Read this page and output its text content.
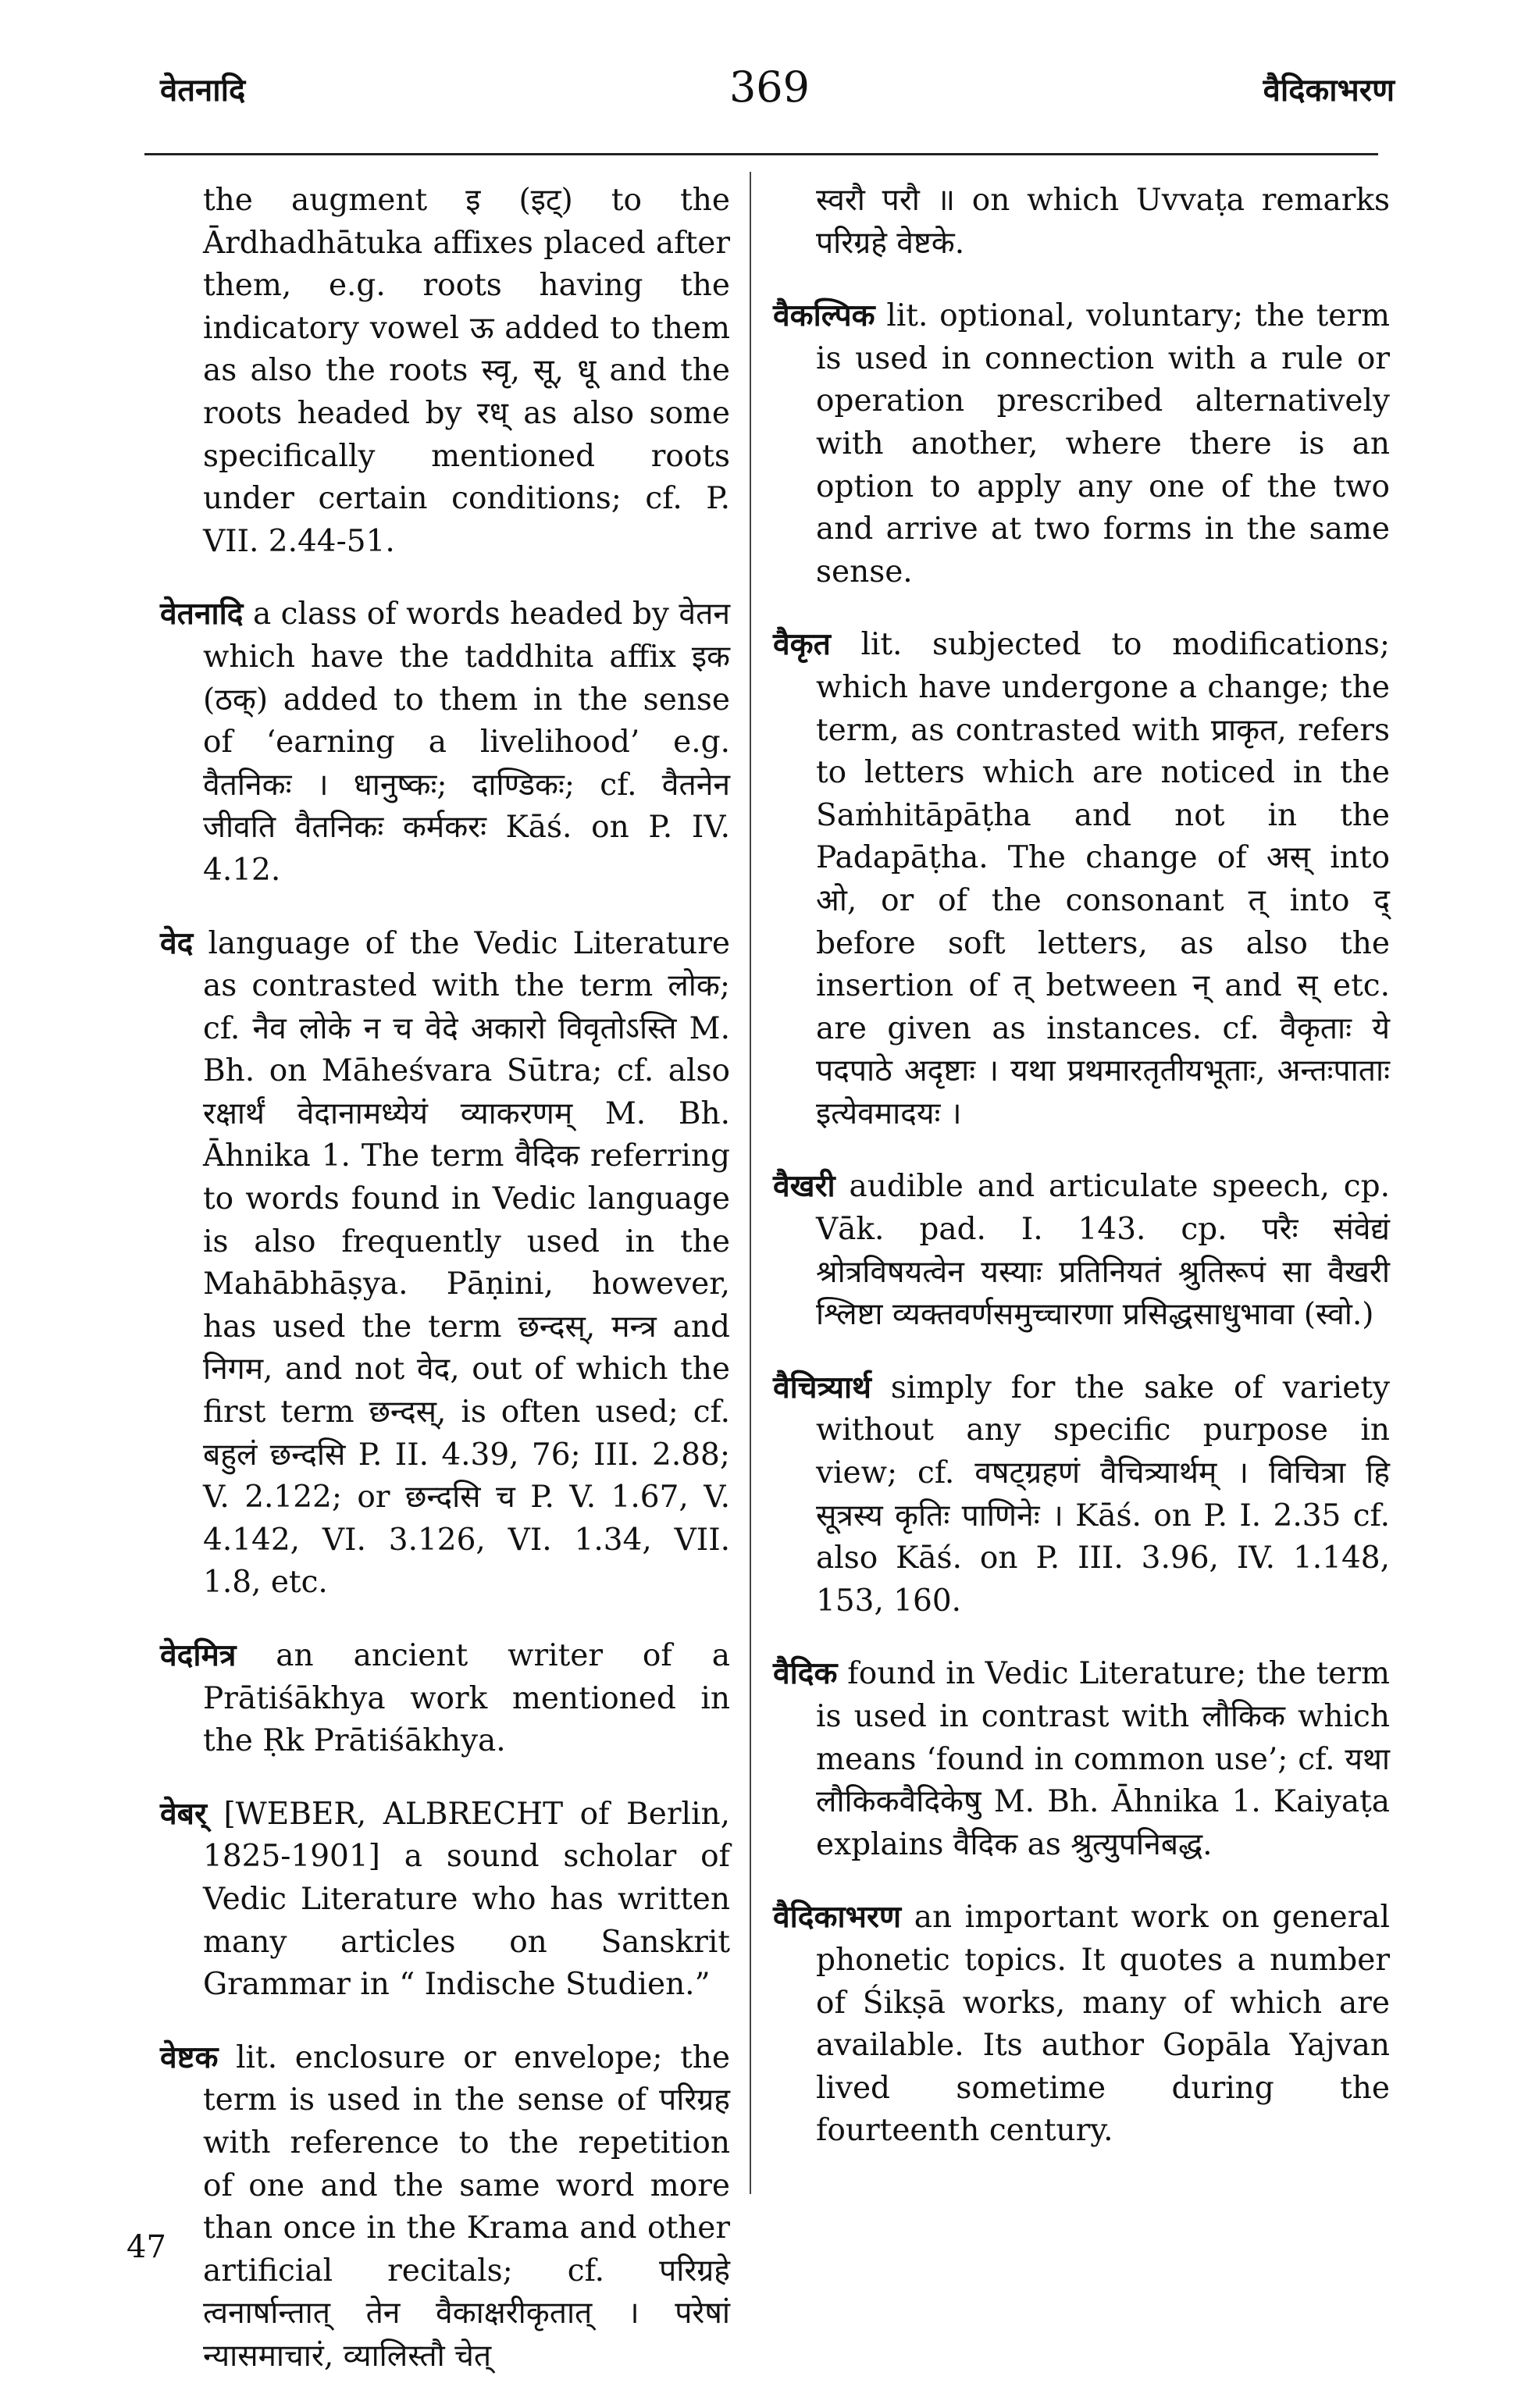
वेतनादि	369	वैदिकाभरण

the augment इ (इट्) to the Ārdhadhātuka affixes placed after them, e.g. roots having the indicatory vowel ऊ added to them as also the roots स्वृ, सू, धू and the roots headed by रध् as also some specifically mentioned roots under certain conditions; cf. P. VII. 2.44-51.

वेतनादि a class of words headed by वेतन which have the taddhita affix इक (ठक्) added to them in the sense of ‘earning a livelihood’ e.g. वैतनिकः । धानुष्कः; दाण्डिकः; cf. वैतनेन जीवति वैतनिकः कर्मकरः Kāś. on P. IV. 4.12.

वेद language of the Vedic Literature as contrasted with the term लोक; cf. नैव लोके न च वेदे अकारो विवृतोऽस्ति M. Bh. on Māheśvara Sūtra; cf. also रक्षार्थं वेदानामध्येयं व्याकरणम् M. Bh. Āhnika 1. The term वैदिक referring to words found in Vedic language is also frequently used in the Mahābhāṣya. Pāṇini, however, has used the term छन्दस्, मन्त्र and निगम, and not वेद, out of which the first term छन्दस्, is often used; cf. बहुलं छन्दसि P. II. 4.39, 76; III. 2.88; V. 2.122; or छन्दसि च P. V. 1.67, V. 4.142, VI. 3.126, VI. 1.34, VII. 1.8, etc.

वेदमित्र an ancient writer of a Prātiśākhya work mentioned in the Ṛk Prātiśākhya.

वेबर् [WEBER, ALBRECHT of Berlin, 1825-1901] a sound scholar of Vedic Literature who has written many articles on Sanskrit Grammar in “ Indische Studien.”

वेष्टक lit. enclosure or envelope; the term is used in the sense of परिग्रह with reference to the repetition of one and the same word more than once in the Krama and other artificial recitals; cf. परिग्रहे त्वनार्षान्तात् तेन वैकाक्षरीकृतात् । परेषां न्यासमाचारं, व्यालिस्तौ चेत्

स्वरौ परौ ॥ on which Uvvaṭa remarks परिग्रहे वेष्टके.

वैकल्पिक lit. optional, voluntary; the term is used in connection with a rule or operation prescribed alternatively with another, where there is an option to apply any one of the two and arrive at two forms in the same sense.

वैकृत lit. subjected to modifications; which have undergone a change; the term, as contrasted with प्राकृत, refers to letters which are noticed in the Saṁhitāpāṭha and not in the Padapāṭha. The change of अस् into ओ, or of the consonant त् into द् before soft letters, as also the insertion of त् between न् and स् etc. are given as instances. cf. वैकृताः ये पदपाठे अदृष्टाः । यथा प्रथमारतृतीयभूताः, अन्तःपाताः इत्येवमादयः ।

वैखरी audible and articulate speech, cp. Vāk. pad. I. 143. cp. परैः संवेद्यं श्रोत्रविषयत्वेन यस्याः प्रतिनियतं श्रुतिरूपं सा वैखरी श्लिष्टा व्यक्तवर्णसमुच्चारणा प्रसिद्धसाधुभावा (स्वो.)

वैचित्र्यार्थ simply for the sake of variety without any specific purpose in view; cf. वषट्ग्रहणं वैचित्र्यार्थम् । विचित्रा हि सूत्रस्य कृतिः पाणिनेः । Kāś. on P. I. 2.35 cf. also Kāś. on P. III. 3.96, IV. 1.148, 153, 160.

वैदिक found in Vedic Literature; the term is used in contrast with लौकिक which means ‘found in common use’; cf. यथा लौकिकवैदिकेषु M. Bh. Āhnika 1. Kaiyaṭa explains वैदिक as श्रुत्युपनिबद्ध.

वैदिकाभरण an important work on general phonetic topics. It quotes a number of Śikṣā works, many of which are available. Its author Gopāla Yajvan lived sometime during the fourteenth century.

47
